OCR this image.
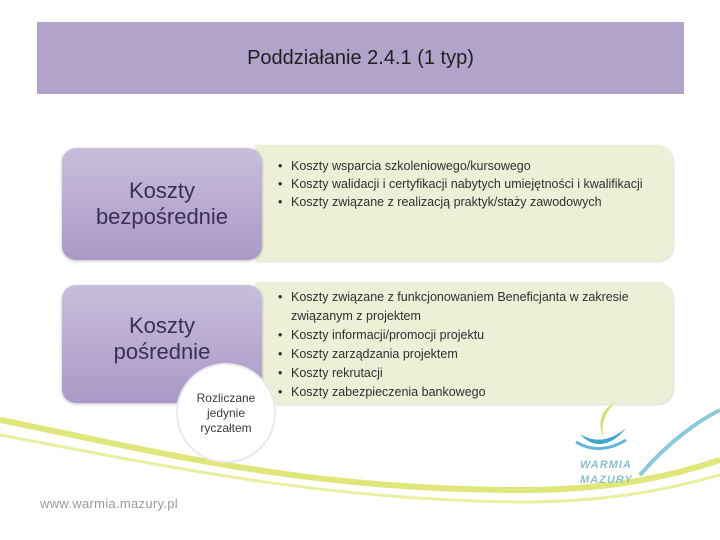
Poddziałanie 2.4.1 (1 typ)
• Koszty wsparcia szkoleniowego/kursowego
• Koszty walidacji i certyfikacji nabytych umiejętności i kwalifikacji
• Koszty związane z realizacją praktyk/staży zawodowych
Koszty bezpośrednie
• Koszty związane z funkcjonowaniem Beneficjanta w zakresie związanym z projektem
• Koszty informacji/promocji projektu
• Koszty zarządzania projektem
• Koszty rekrutacji
• Koszty zabezpieczenia bankowego
Koszty pośrednie
Rozliczane jedynie ryczałtem
www.warmia.mazury.pl
WARMIA
MAZURY
